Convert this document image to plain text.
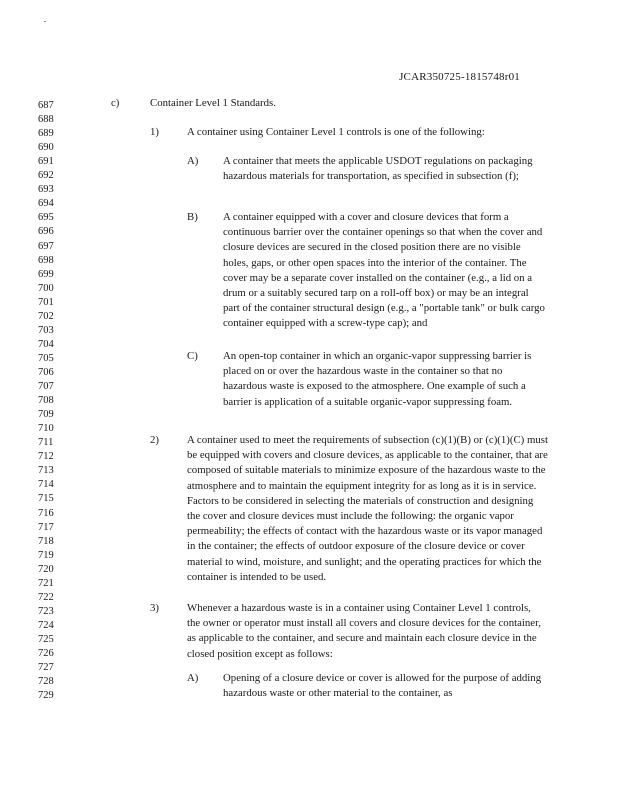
JCAR350725-1815748r01
687
688
689
690
691
692
693
694
695
696
697
698
699
700
701
702
703
704
705
706
707
708
709
710
711
712
713
714
715
716
717
718
719
720
721
722
723
724
725
726
727
728
729
c)	Container Level 1 Standards.
1)	A container using Container Level 1 controls is one of the following:
A) A container that meets the applicable USDOT regulations on packaging hazardous materials for transportation, as specified in subsection (f);
B) A container equipped with a cover and closure devices that form a continuous barrier over the container openings so that when the cover and closure devices are secured in the closed position there are no visible holes, gaps, or other open spaces into the interior of the container. The cover may be a separate cover installed on the container (e.g., a lid on a drum or a suitably secured tarp on a roll-off box) or may be an integral part of the container structural design (e.g., a "portable tank" or bulk cargo container equipped with a screw-type cap); and
C) An open-top container in which an organic-vapor suppressing barrier is placed on or over the hazardous waste in the container so that no hazardous waste is exposed to the atmosphere. One example of such a barrier is application of a suitable organic-vapor suppressing foam.
2)	A container used to meet the requirements of subsection (c)(1)(B) or (c)(1)(C) must be equipped with covers and closure devices, as applicable to the container, that are composed of suitable materials to minimize exposure of the hazardous waste to the atmosphere and to maintain the equipment integrity for as long as it is in service. Factors to be considered in selecting the materials of construction and designing the cover and closure devices must include the following: the organic vapor permeability; the effects of contact with the hazardous waste or its vapor managed in the container; the effects of outdoor exposure of the closure device or cover material to wind, moisture, and sunlight; and the operating practices for which the container is intended to be used.
3)	Whenever a hazardous waste is in a container using Container Level 1 controls, the owner or operator must install all covers and closure devices for the container, as applicable to the container, and secure and maintain each closure device in the closed position except as follows:
A) Opening of a closure device or cover is allowed for the purpose of adding hazardous waste or other material to the container, as
